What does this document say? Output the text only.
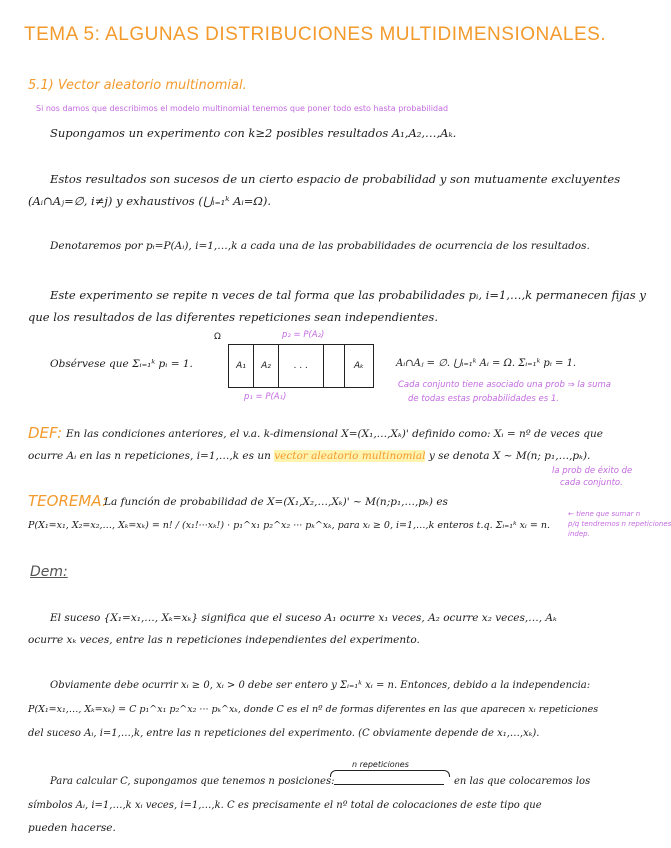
TEMA 5: ALGUNAS DISTRIBUCIONES MULTIDIMENSIONALES.
5.1) Vector aleatorio multinomial.
Si nos damos que describimos el modelo multinomial tenemos que poner todo esto hasta probabilidad
Supongamos un experimento con k≥2 posibles resultados A₁,A₂,…,Aₖ.
Estos resultados son sucesos de un cierto espacio de probabilidad y son mutuamente excluyentes
(Aᵢ∩Aⱼ=∅, i≠j) y exhaustivos (⋃ᵢ₌₁ᵏ Aᵢ=Ω).
Denotaremos por pᵢ=P(Aᵢ), i=1,…,k a cada una de las probabilidades de ocurrencia de los resultados.
Este experimento se repite n veces de tal forma que las probabilidades pᵢ, i=1,…,k permanecen fijas y
que los resultados de las diferentes repeticiones sean independientes.
Obsérvese que Σᵢ₌₁ᵏ pᵢ = 1.
p₂ = P(A₂)
Ω
A₁	A₂	. . .	Aₖ
p₁ = P(A₁)
Aᵢ∩Aⱼ = ∅. ⋃ᵢ₌₁ᵏ Aᵢ = Ω. Σᵢ₌₁ᵏ pᵢ = 1.
Cada conjunto tiene asociado una prob ⇒ la suma
de todas estas probabilidades es 1.
DEF: En las condiciones anteriores, el v.a. k-dimensional X=(X₁,…,Xₖ)' definido como: Xᵢ = nº de veces que
ocurre Aᵢ en las n repeticiones, i=1,…,k es un vector aleatorio multinomial y se denota X ~ M(n; p₁,…,pₖ).
la prob de éxito de
cada conjunto.
TEOREMA:
La función de probabilidad de X=(X₁,X₂,…,Xₖ)' ~ M(n;p₁,…,pₖ) es
P(X₁=x₁, X₂=x₂,…, Xₖ=xₖ) = n! / (x₁!···xₖ!) · p₁^x₁ p₂^x₂ ··· pₖ^xₖ, para xᵢ ≥ 0, i=1,…,k enteros t.q. Σᵢ₌₁ᵏ xᵢ = n.
← tiene que sumar n
p/q tendremos n repeticiones
indep.
Dem:
El suceso {X₁=x₁,…, Xₖ=xₖ} significa que el suceso A₁ ocurre x₁ veces, A₂ ocurre x₂ veces,…, Aₖ
ocurre xₖ veces, entre las n repeticiones independientes del experimento.
Obviamente debe ocurrir xᵢ ≥ 0, xᵢ > 0 debe ser entero y Σᵢ₌₁ᵏ xᵢ = n. Entonces, debido a la independencia:
P(X₁=x₁,…, Xₖ=xₖ) = C p₁^x₁ p₂^x₂ ··· pₖ^xₖ, donde C es el nº de formas diferentes en las que aparecen xᵢ repeticiones
del suceso Aᵢ, i=1,…,k, entre las n repeticiones del experimento. (C obviamente depende de x₁,…,xₖ).
n repeticiones
Para calcular C, supongamos que tenemos n posiciones:	en las que colocaremos los
símbolos Aᵢ, i=1,…,k xᵢ veces, i=1,…,k. C es precisamente el nº total de colocaciones de este tipo que
pueden hacerse.
